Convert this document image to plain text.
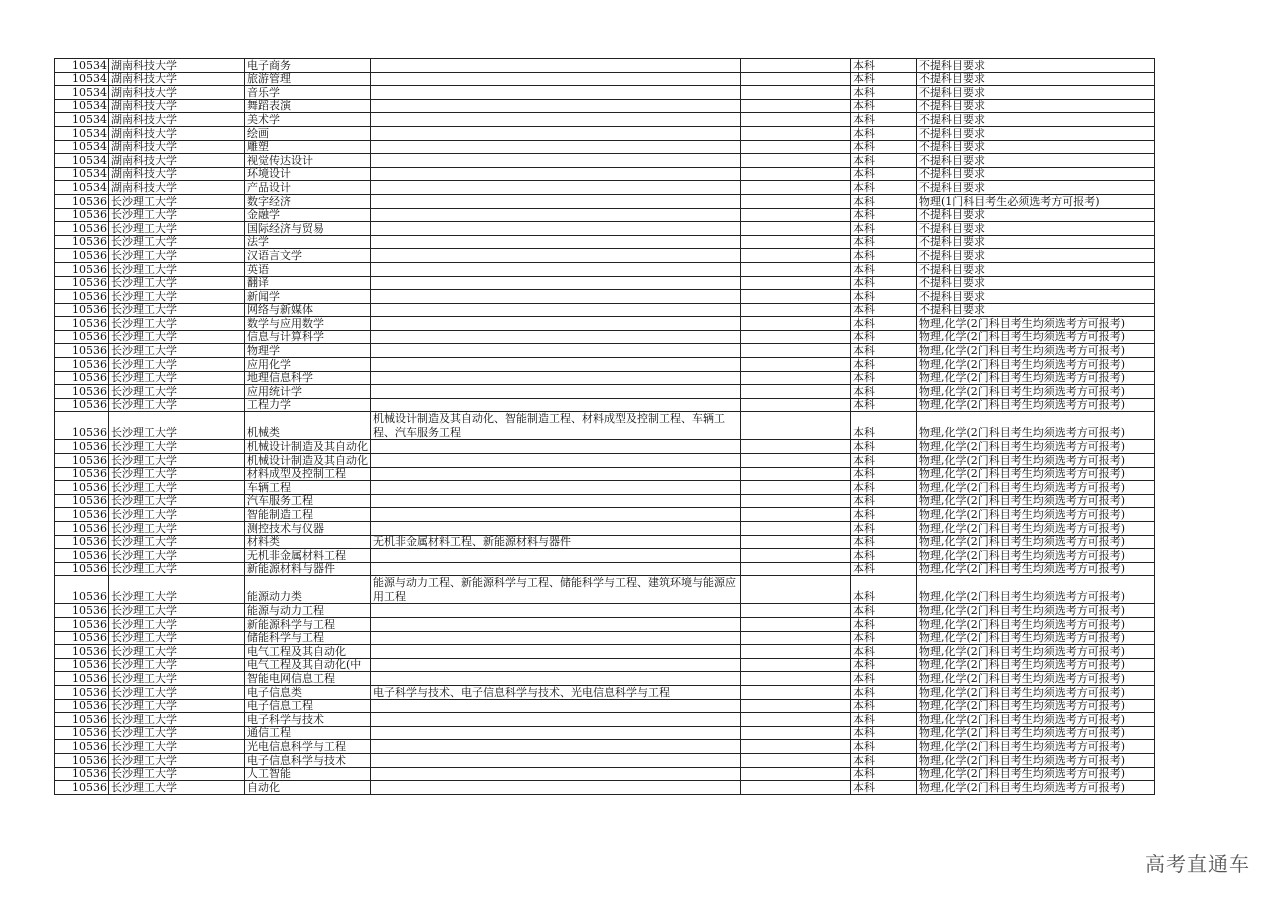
10534	湖南科技大学	电子商务			本科	不提科目要求
10534	湖南科技大学	旅游管理			本科	不提科目要求
10534	湖南科技大学	音乐学			本科	不提科目要求
10534	湖南科技大学	舞蹈表演			本科	不提科目要求
10534	湖南科技大学	美术学			本科	不提科目要求
10534	湖南科技大学	绘画			本科	不提科目要求
10534	湖南科技大学	雕塑			本科	不提科目要求
10534	湖南科技大学	视觉传达设计			本科	不提科目要求
10534	湖南科技大学	环境设计			本科	不提科目要求
10534	湖南科技大学	产品设计			本科	不提科目要求
10536	长沙理工大学	数字经济			本科	物理(1门科目考生必须选考方可报考)
10536	长沙理工大学	金融学			本科	不提科目要求
10536	长沙理工大学	国际经济与贸易			本科	不提科目要求
10536	长沙理工大学	法学			本科	不提科目要求
10536	长沙理工大学	汉语言文学			本科	不提科目要求
10536	长沙理工大学	英语			本科	不提科目要求
10536	长沙理工大学	翻译			本科	不提科目要求
10536	长沙理工大学	新闻学			本科	不提科目要求
10536	长沙理工大学	网络与新媒体			本科	不提科目要求
10536	长沙理工大学	数学与应用数学			本科	物理,化学(2门科目考生均须选考方可报考)
10536	长沙理工大学	信息与计算科学			本科	物理,化学(2门科目考生均须选考方可报考)
10536	长沙理工大学	物理学			本科	物理,化学(2门科目考生均须选考方可报考)
10536	长沙理工大学	应用化学			本科	物理,化学(2门科目考生均须选考方可报考)
10536	长沙理工大学	地理信息科学			本科	物理,化学(2门科目考生均须选考方可报考)
10536	长沙理工大学	应用统计学			本科	物理,化学(2门科目考生均须选考方可报考)
10536	长沙理工大学	工程力学			本科	物理,化学(2门科目考生均须选考方可报考)
10536	长沙理工大学	机械类	机械设计制造及其自动化、智能制造工程、材料成型及控制工程、车辆工程、汽车服务工程		本科	物理,化学(2门科目考生均须选考方可报考)
10536	长沙理工大学	机械设计制造及其自动化			本科	物理,化学(2门科目考生均须选考方可报考)
10536	长沙理工大学	机械设计制造及其自动化			本科	物理,化学(2门科目考生均须选考方可报考)
10536	长沙理工大学	材料成型及控制工程			本科	物理,化学(2门科目考生均须选考方可报考)
10536	长沙理工大学	车辆工程			本科	物理,化学(2门科目考生均须选考方可报考)
10536	长沙理工大学	汽车服务工程			本科	物理,化学(2门科目考生均须选考方可报考)
10536	长沙理工大学	智能制造工程			本科	物理,化学(2门科目考生均须选考方可报考)
10536	长沙理工大学	测控技术与仪器			本科	物理,化学(2门科目考生均须选考方可报考)
10536	长沙理工大学	材料类	无机非金属材料工程、新能源材料与器件		本科	物理,化学(2门科目考生均须选考方可报考)
10536	长沙理工大学	无机非金属材料工程			本科	物理,化学(2门科目考生均须选考方可报考)
10536	长沙理工大学	新能源材料与器件			本科	物理,化学(2门科目考生均须选考方可报考)
10536	长沙理工大学	能源动力类	能源与动力工程、新能源科学与工程、储能科学与工程、建筑环境与能源应用工程		本科	物理,化学(2门科目考生均须选考方可报考)
10536	长沙理工大学	能源与动力工程			本科	物理,化学(2门科目考生均须选考方可报考)
10536	长沙理工大学	新能源科学与工程			本科	物理,化学(2门科目考生均须选考方可报考)
10536	长沙理工大学	储能科学与工程			本科	物理,化学(2门科目考生均须选考方可报考)
10536	长沙理工大学	电气工程及其自动化			本科	物理,化学(2门科目考生均须选考方可报考)
10536	长沙理工大学	电气工程及其自动化(中			本科	物理,化学(2门科目考生均须选考方可报考)
10536	长沙理工大学	智能电网信息工程			本科	物理,化学(2门科目考生均须选考方可报考)
10536	长沙理工大学	电子信息类	电子科学与技术、电子信息科学与技术、光电信息科学与工程		本科	物理,化学(2门科目考生均须选考方可报考)
10536	长沙理工大学	电子信息工程			本科	物理,化学(2门科目考生均须选考方可报考)
10536	长沙理工大学	电子科学与技术			本科	物理,化学(2门科目考生均须选考方可报考)
10536	长沙理工大学	通信工程			本科	物理,化学(2门科目考生均须选考方可报考)
10536	长沙理工大学	光电信息科学与工程			本科	物理,化学(2门科目考生均须选考方可报考)
10536	长沙理工大学	电子信息科学与技术			本科	物理,化学(2门科目考生均须选考方可报考)
10536	长沙理工大学	人工智能			本科	物理,化学(2门科目考生均须选考方可报考)
10536	长沙理工大学	自动化			本科	物理,化学(2门科目考生均须选考方可报考)
高考直通车
